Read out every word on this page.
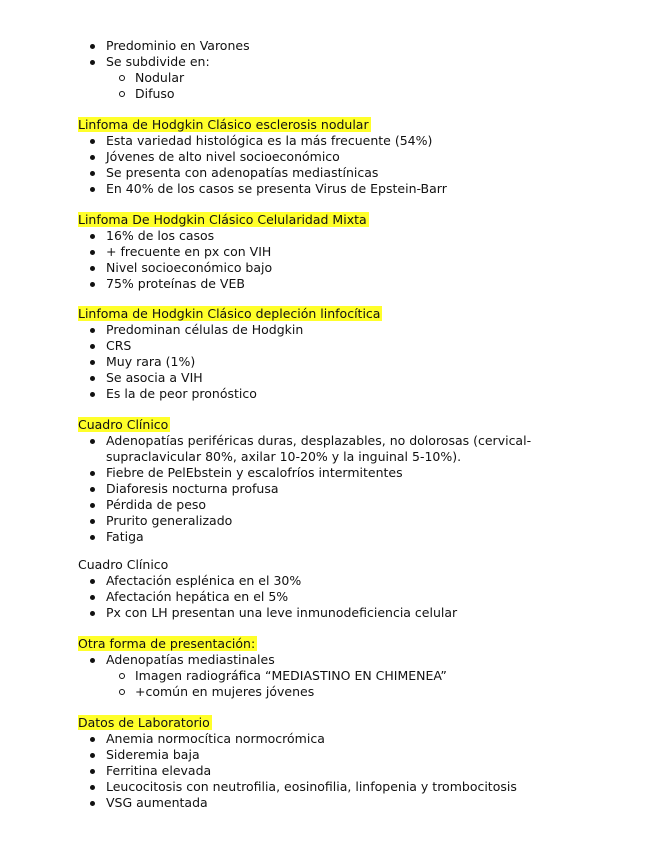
Predominio en Varones
Se subdivide en:
Nodular
Difuso
Linfoma de Hodgkin Clásico esclerosis nodular
Esta variedad histológica es la más frecuente (54%)
Jóvenes de alto nivel socioeconómico
Se presenta con adenopatías mediastínicas
En 40% de los casos se presenta Virus de Epstein-Barr
Linfoma De Hodgkin Clásico Celularidad Mixta
16% de los casos
+ frecuente en px con VIH
Nivel socioeconómico bajo
75% proteínas de VEB
Linfoma de Hodgkin Clásico depleción linfocítica
Predominan células de Hodgkin
CRS
Muy rara (1%)
Se asocia a VIH
Es la de peor pronóstico
Cuadro Clínico
Adenopatías periféricas duras, desplazables, no dolorosas (cervical-supraclavicular 80%, axilar 10-20% y la inguinal 5-10%).
Fiebre de PelEbstein y escalofríos intermitentes
Diaforesis nocturna profusa
Pérdida de peso
Prurito generalizado
Fatiga
Cuadro Clínico
Afectación esplénica en el 30%
Afectación hepática en el 5%
Px con LH presentan una leve inmunodeficiencia celular
Otra forma de presentación:
Adenopatías mediastinales
Imagen radiográfica “MEDIASTINO EN CHIMENEA”
+común en mujeres jóvenes
Datos de Laboratorio
Anemia normocítica normocrómica
Sideremia baja
Ferritina elevada
Leucocitosis con neutrofilia, eosinofilia, linfopenia y trombocitosis
VSG aumentada
